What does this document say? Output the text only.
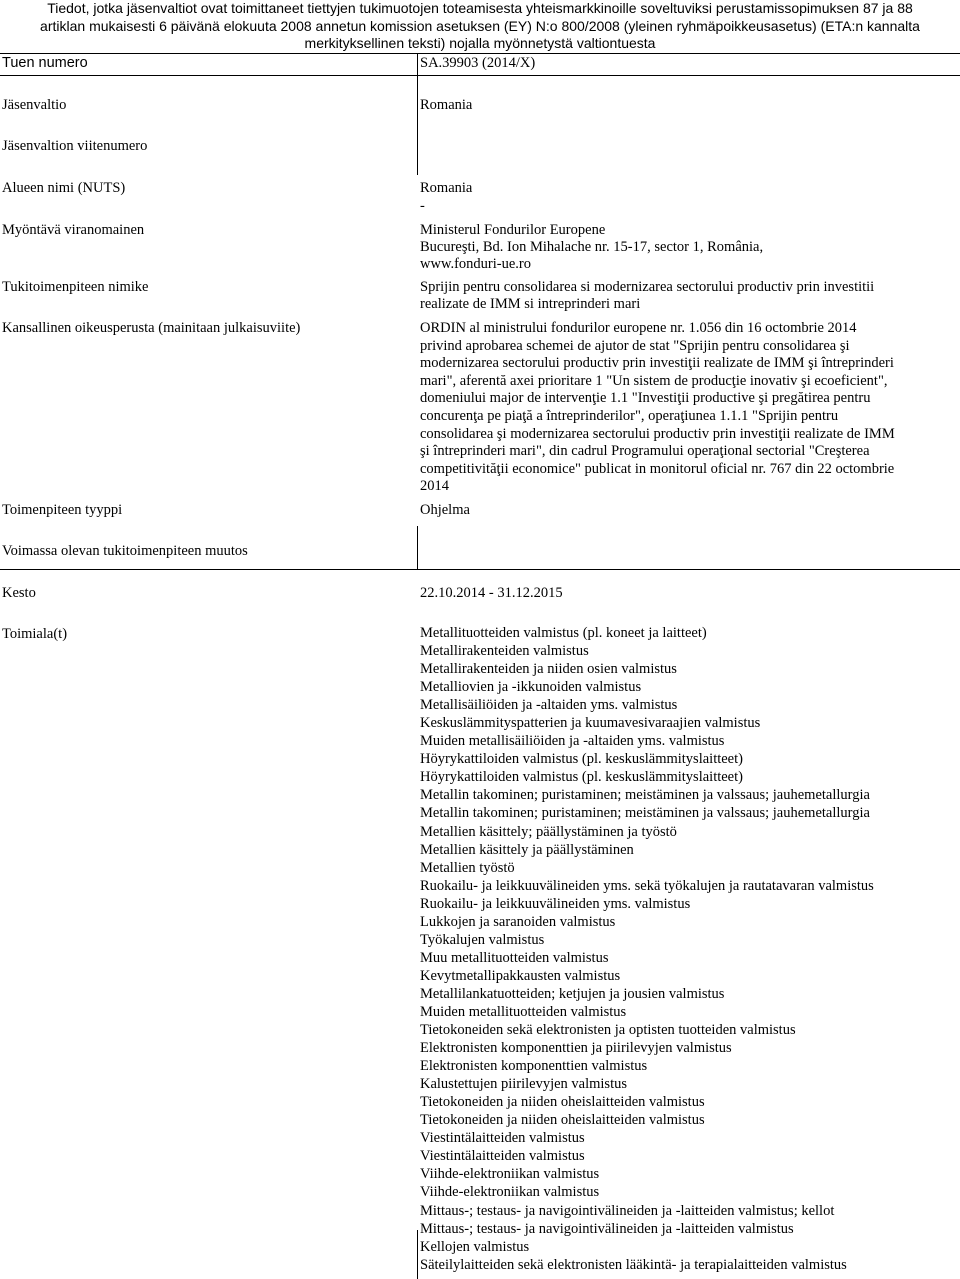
Tiedot, jotka jäsenvaltiot ovat toimittaneet tiettyjen tukimuotojen toteamisesta yhteismarkkinoille soveltuviksi perustamissopimuksen 87 ja 88
artiklan mukaisesti 6 päivänä elokuuta 2008 annetun komission asetuksen (EY) N:o 800/2008 (yleinen ryhmäpoikkeusasetus) (ETA:n kannalta
merkityksellinen teksti) nojalla myönnetystä valtiontuesta
Tuen numero	SA.39903 (2014/X)
Jäsenvaltio	Romania
Jäsenvaltion viitenumero
Alueen nimi (NUTS)	Romania
-
Myöntävä viranomainen	Ministerul Fondurilor Europene
Bucureşti, Bd. Ion Mihalache nr. 15-17, sector 1, România,
www.fonduri-ue.ro
Tukitoimenpiteen nimike	Sprijin pentru consolidarea si modernizarea sectorului productiv prin investitii
realizate de IMM si intreprinderi mari
Kansallinen oikeusperusta (mainitaan julkaisuviite)	ORDIN al ministrului fondurilor europene nr. 1.056 din 16 octombrie 2014
privind aprobarea schemei de ajutor de stat "Sprijin pentru consolidarea şi
modernizarea sectorului productiv prin investiţii realizate de IMM şi întreprinderi
mari", aferentă axei prioritare 1 "Un sistem de producţie inovativ şi ecoeficient",
domeniului major de intervenţie 1.1 "Investiţii productive şi pregătirea pentru
concurenţa pe piaţă a întreprinderilor", operaţiunea 1.1.1 "Sprijin pentru
consolidarea şi modernizarea sectorului productiv prin investiţii realizate de IMM
şi întreprinderi mari", din cadrul Programului operaţional sectorial "Creşterea
competitivităţii economice" publicat in monitorul oficial nr. 767 din 22 octombrie
2014
Toimenpiteen tyyppi	Ohjelma
Voimassa olevan tukitoimenpiteen muutos
Kesto	22.10.2014 - 31.12.2015
Toimiala(t)	Metallituotteiden valmistus (pl. koneet ja laitteet)
Metallirakenteiden valmistus
Metallirakenteiden ja niiden osien valmistus
Metalliovien ja -ikkunoiden valmistus
Metallisäiliöiden ja -altaiden yms. valmistus
Keskuslämmityspatterien ja kuumavesivaraajien valmistus
Muiden metallisäiliöiden ja -altaiden yms. valmistus
Höyrykattiloiden valmistus (pl. keskuslämmityslaitteet)
Höyrykattiloiden valmistus (pl. keskuslämmityslaitteet)
Metallin takominen; puristaminen; meistäminen ja valssaus; jauhemetallurgia
Metallin takominen; puristaminen; meistäminen ja valssaus; jauhemetallurgia
Metallien käsittely; päällystäminen ja työstö
Metallien käsittely ja päällystäminen
Metallien työstö
Ruokailu- ja leikkuuvälineiden yms. sekä työkalujen ja rautatavaran valmistus
Ruokailu- ja leikkuuvälineiden yms. valmistus
Lukkojen ja saranoiden valmistus
Työkalujen valmistus
Muu metallituotteiden valmistus
Kevytmetallipakkausten valmistus
Metallilankatuotteiden; ketjujen ja jousien valmistus
Muiden metallituotteiden valmistus
Tietokoneiden sekä elektronisten ja optisten tuotteiden valmistus
Elektronisten komponenttien ja piirilevyjen valmistus
Elektronisten komponenttien valmistus
Kalustettujen piirilevyjen valmistus
Tietokoneiden ja niiden oheislaitteiden valmistus
Tietokoneiden ja niiden oheislaitteiden valmistus
Viestintälaitteiden valmistus
Viestintälaitteiden valmistus
Viihde-elektroniikan valmistus
Viihde-elektroniikan valmistus
Mittaus-; testaus- ja navigointivälineiden ja -laitteiden valmistus; kellot
Mittaus-; testaus- ja navigointivälineiden ja -laitteiden valmistus
Kellojen valmistus
Säteilylaitteiden sekä elektronisten lääkintä- ja terapialaitteiden valmistus
